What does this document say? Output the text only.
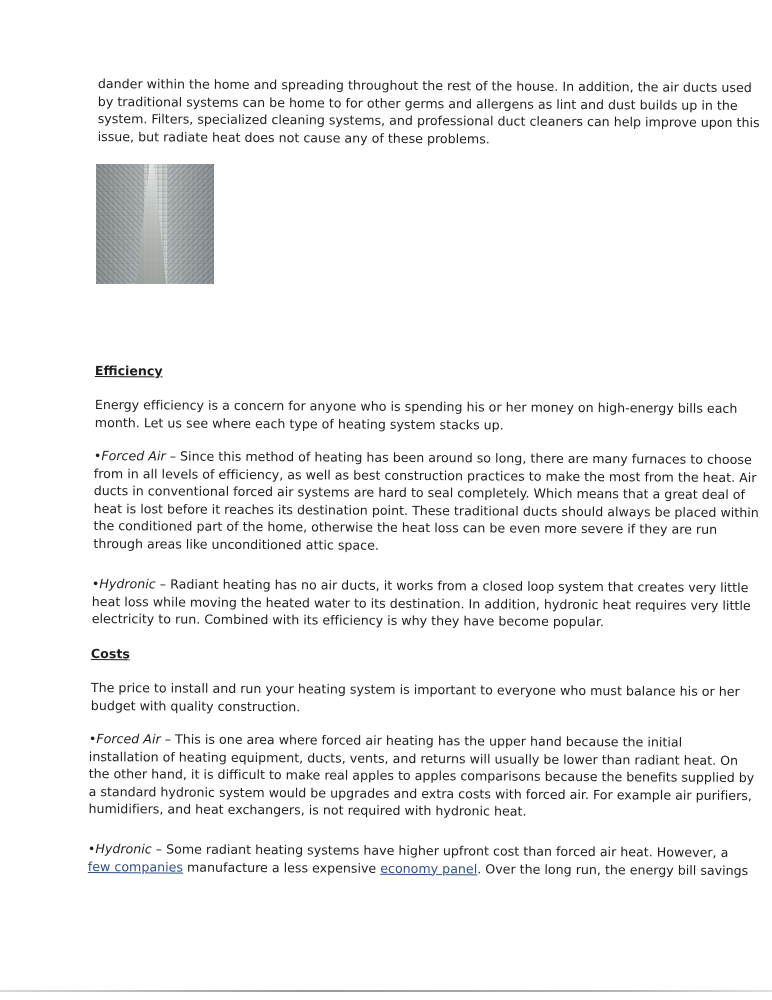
dander within the home and spreading throughout the rest of the house. In addition, the air ducts used
by traditional systems can be home to for other germs and allergens as lint and dust builds up in the
system. Filters, specialized cleaning systems, and professional duct cleaners can help improve upon this
issue, but radiate heat does not cause any of these problems.
Efficiency
Energy efficiency is a concern for anyone who is spending his or her money on high-energy bills each
month. Let us see where each type of heating system stacks up.
•Forced Air – Since this method of heating has been around so long, there are many furnaces to choose
from in all levels of efficiency, as well as best construction practices to make the most from the heat. Air
ducts in conventional forced air systems are hard to seal completely. Which means that a great deal of
heat is lost before it reaches its destination point. These traditional ducts should always be placed within
the conditioned part of the home, otherwise the heat loss can be even more severe if they are run
through areas like unconditioned attic space.
•Hydronic – Radiant heating has no air ducts, it works from a closed loop system that creates very little
heat loss while moving the heated water to its destination. In addition, hydronic heat requires very little
electricity to run. Combined with its efficiency is why they have become popular.
Costs
The price to install and run your heating system is important to everyone who must balance his or her
budget with quality construction.
•Forced Air – This is one area where forced air heating has the upper hand because the initial
installation of heating equipment, ducts, vents, and returns will usually be lower than radiant heat. On
the other hand, it is difficult to make real apples to apples comparisons because the benefits supplied by
a standard hydronic system would be upgrades and extra costs with forced air. For example air purifiers,
humidifiers, and heat exchangers, is not required with hydronic heat.
•Hydronic – Some radiant heating systems have higher upfront cost than forced air heat. However, a
few companies manufacture a less expensive economy panel. Over the long run, the energy bill savings
